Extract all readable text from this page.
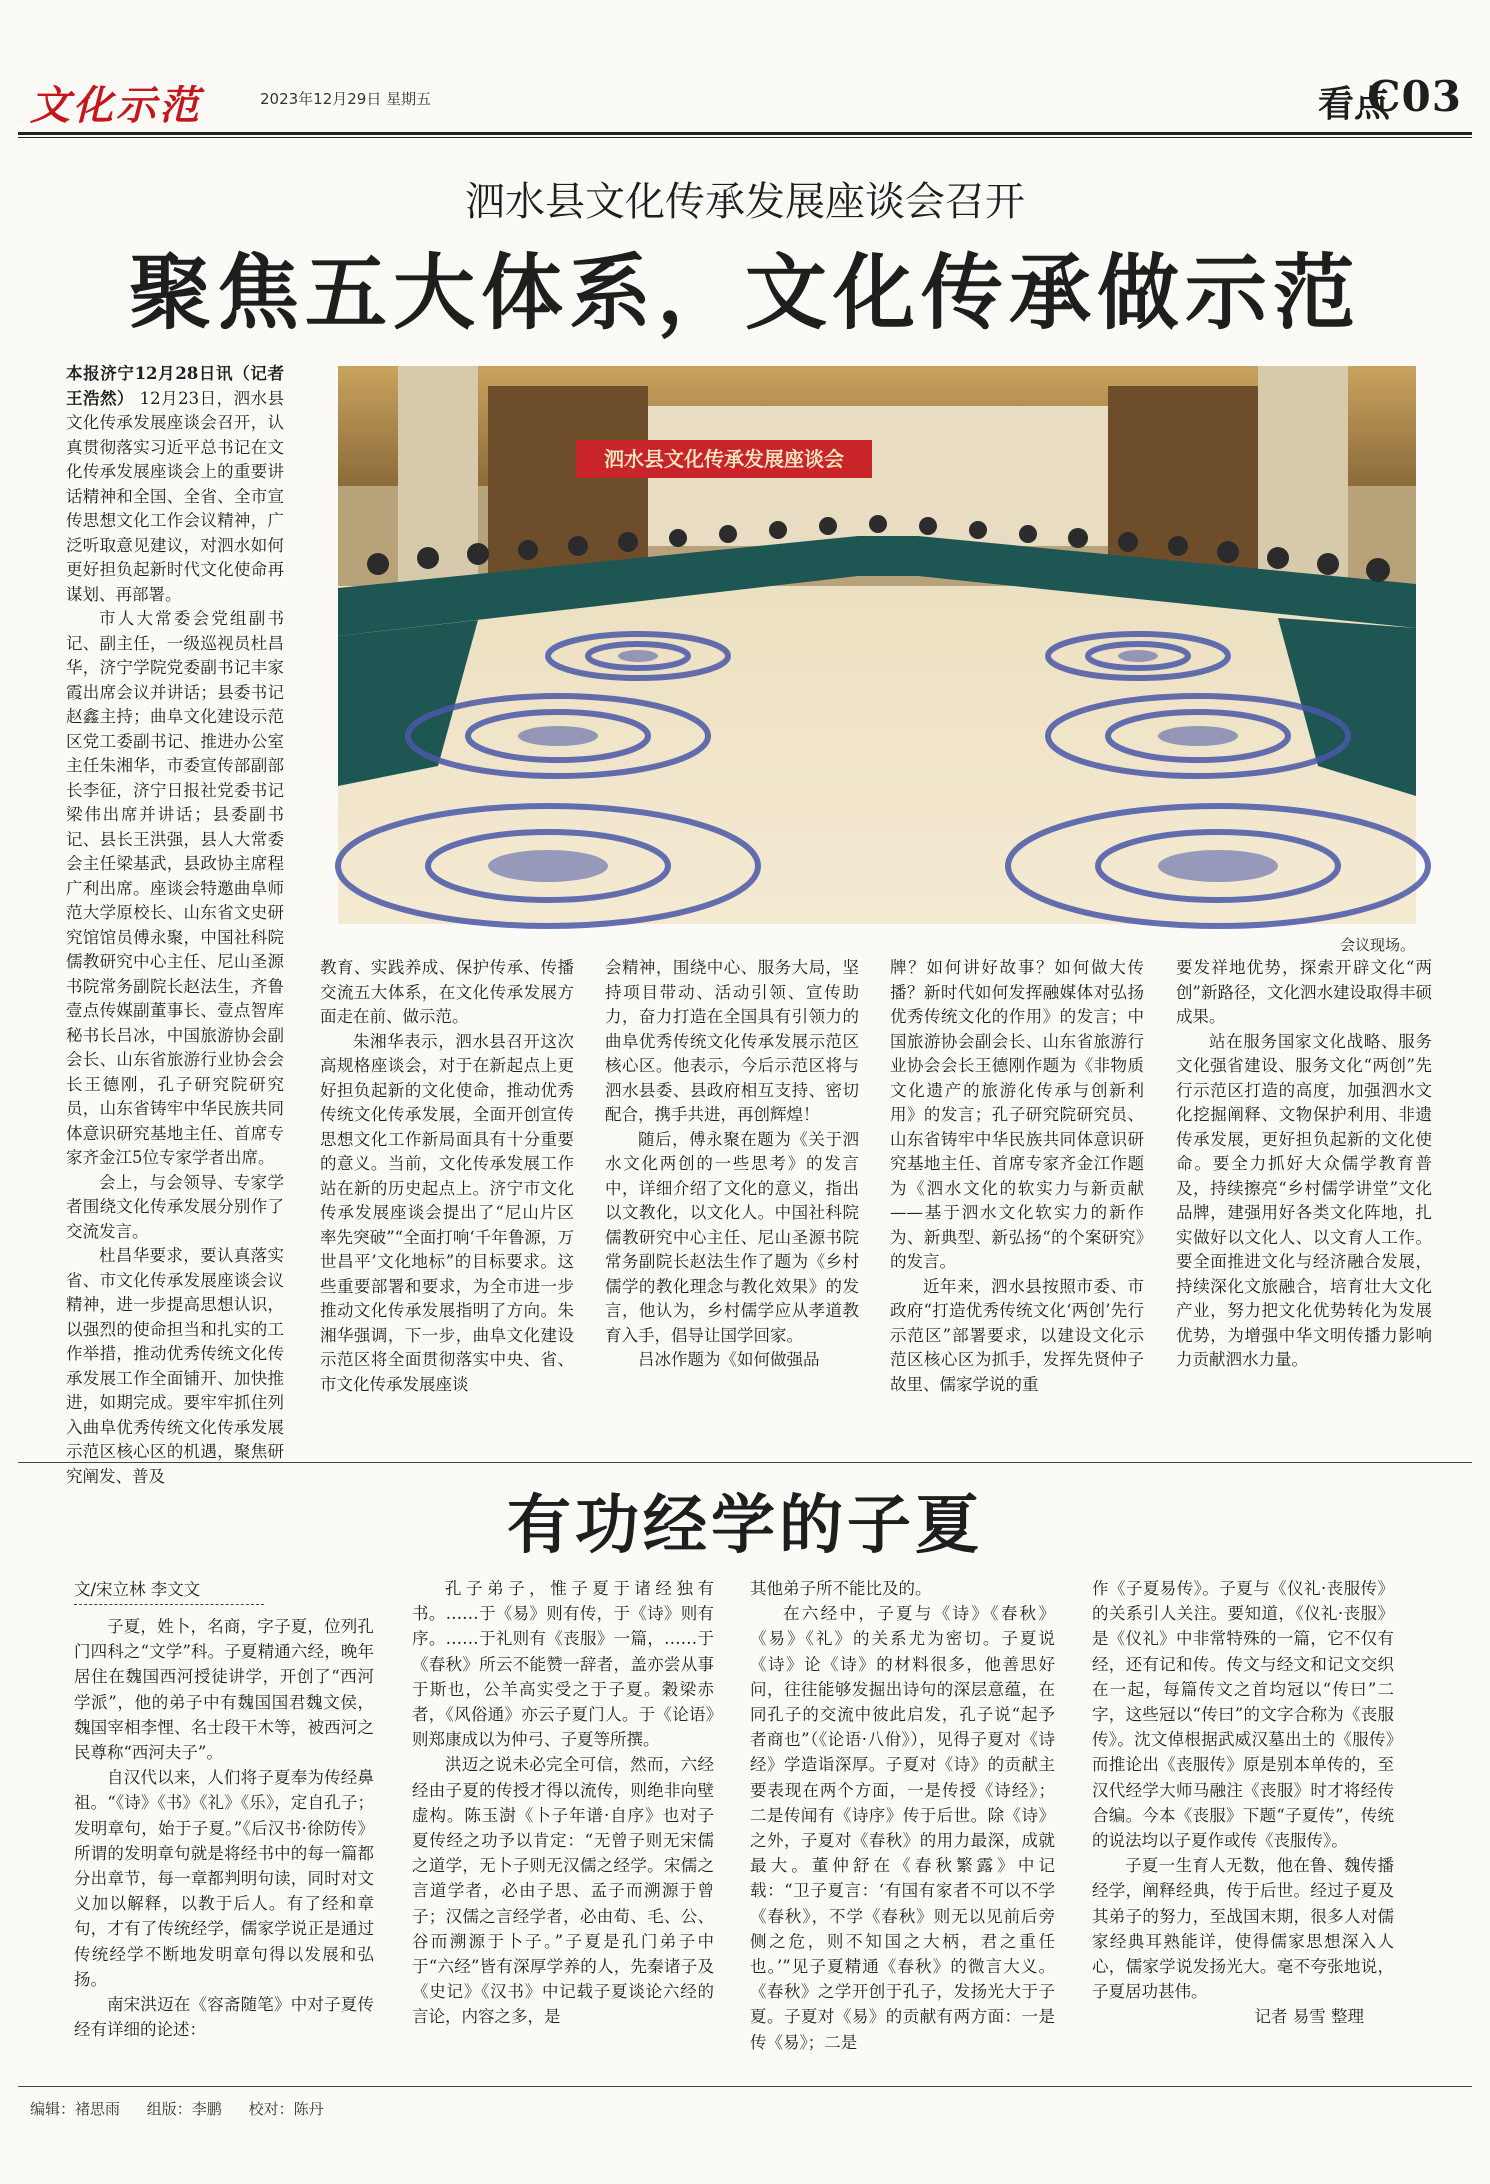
文化示范	2023年12月29日 星期五	看点
C03
泗水县文化传承发展座谈会召开
聚焦五大体系，文化传承做示范

本报济宁12月28日讯（记者 王浩然） 12月23日，泗水县文化传承发展座谈会召开，认真贯彻落实习近平总书记在文化传承发展座谈会上的重要讲话精神和全国、全省、全市宣传思想文化工作会议精神，广泛听取意见建议，对泗水如何更好担负起新时代文化使命再谋划、再部署。

市人大常委会党组副书记、副主任，一级巡视员杜昌华，济宁学院党委副书记丰家霞出席会议并讲话；县委书记赵鑫主持；曲阜文化建设示范区党工委副书记、推进办公室主任朱湘华，市委宣传部副部长李征，济宁日报社党委书记梁伟出席并讲话；县委副书记、县长王洪强，县人大常委会主任梁基武，县政协主席程广利出席。座谈会特邀曲阜师范大学原校长、山东省文史研究馆馆员傅永聚，中国社科院儒教研究中心主任、尼山圣源书院常务副院长赵法生，齐鲁壹点传媒副董事长、壹点智库秘书长吕冰，中国旅游协会副会长、山东省旅游行业协会会长王德刚，孔子研究院研究员，山东省铸牢中华民族共同体意识研究基地主任、首席专家齐金江5位专家学者出席。

会上，与会领导、专家学者围绕文化传承发展分别作了交流发言。

杜昌华要求，要认真落实省、市文化传承发展座谈会议精神，进一步提高思想认识，以强烈的使命担当和扎实的工作举措，推动优秀传统文化传承发展工作全面铺开、加快推进，如期完成。要牢牢抓住列入曲阜优秀传统文化传承发展示范区核心区的机遇，聚焦研究阐发、普及

泗水县文化传承发展座谈会
会议现场。

教育、实践养成、保护传承、传播交流五大体系，在文化传承发展方面走在前、做示范。

朱湘华表示，泗水县召开这次高规格座谈会，对于在新起点上更好担负起新的文化使命，推动优秀传统文化传承发展，全面开创宣传思想文化工作新局面具有十分重要的意义。当前，文化传承发展工作站在新的历史起点上。济宁市文化传承发展座谈会提出了“尼山片区率先突破”“全面打响‘千年鲁源，万世昌平’文化地标”的目标要求。这些重要部署和要求，为全市进一步推动文化传承发展指明了方向。朱湘华强调，下一步，曲阜文化建设示范区将全面贯彻落实中央、省、市文化传承发展座谈

会精神，围绕中心、服务大局，坚持项目带动、活动引领、宣传助力，奋力打造在全国具有引领力的曲阜优秀传统文化传承发展示范区核心区。他表示，今后示范区将与泗水县委、县政府相互支持、密切配合，携手共进，再创辉煌！

随后，傅永聚在题为《关于泗水文化两创的一些思考》的发言中，详细介绍了文化的意义，指出以文教化，以文化人。中国社科院儒教研究中心主任、尼山圣源书院常务副院长赵法生作了题为《乡村儒学的教化理念与教化效果》的发言，他认为，乡村儒学应从孝道教育入手，倡导让国学回家。

吕冰作题为《如何做强品

牌？如何讲好故事？如何做大传播？新时代如何发挥融媒体对弘扬优秀传统文化的作用》的发言；中国旅游协会副会长、山东省旅游行业协会会长王德刚作题为《非物质文化遗产的旅游化传承与创新利用》的发言；孔子研究院研究员、山东省铸牢中华民族共同体意识研究基地主任、首席专家齐金江作题为《泗水文化的软实力与新贡献——基于泗水文化软实力的新作为、新典型、新弘扬“的个案研究》的发言。

近年来，泗水县按照市委、市政府“打造优秀传统文化‘两创’先行示范区”部署要求，以建设文化示范区核心区为抓手，发挥先贤仲子故里、儒家学说的重

要发祥地优势，探索开辟文化“两创”新路径，文化泗水建设取得丰硕成果。

站在服务国家文化战略、服务文化强省建设、服务文化“两创”先行示范区打造的高度，加强泗水文化挖掘阐释、文物保护利用、非遗传承发展，更好担负起新的文化使命。要全力抓好大众儒学教育普及，持续擦亮“乡村儒学讲堂”文化品牌，建强用好各类文化阵地，扎实做好以文化人、以文育人工作。要全面推进文化与经济融合发展，持续深化文旅融合，培育壮大文化产业，努力把文化优势转化为发展优势，为增强中华文明传播力影响力贡献泗水力量。

有功经学的子夏
文/宋立林 李文文

子夏，姓卜，名商，字子夏，位列孔门四科之“文学”科。子夏精通六经，晚年居住在魏国西河授徒讲学，开创了“西河学派”，他的弟子中有魏国国君魏文侯，魏国宰相李悝、名士段干木等，被西河之民尊称“西河夫子”。

自汉代以来，人们将子夏奉为传经鼻祖。“《诗》《书》《礼》《乐》，定自孔子；发明章句，始于子夏。”《后汉书·徐防传》所谓的发明章句就是将经书中的每一篇都分出章节，每一章都判明句读，同时对文义加以解释，以教于后人。有了经和章句，才有了传统经学，儒家学说正是通过传统经学不断地发明章句得以发展和弘扬。

南宋洪迈在《容斋随笔》中对子夏传经有详细的论述：

孔子弟子，惟子夏于诸经独有书。……于《易》则有传，于《诗》则有序。……于礼则有《丧服》一篇，……于《春秋》所云不能赞一辞者，盖亦尝从事于斯也，公羊高实受之于子夏。穀梁赤者，《风俗通》亦云子夏门人。于《论语》则郑康成以为仲弓、子夏等所撰。

洪迈之说未必完全可信，然而，六经经由子夏的传授才得以流传，则绝非向壁虚构。陈玉澍《卜子年谱·自序》也对子夏传经之功予以肯定：“无曾子则无宋儒之道学，无卜子则无汉儒之经学。宋儒之言道学者，必由子思、孟子而溯源于曾子；汉儒之言经学者，必由荀、毛、公、谷而溯源于卜子。”子夏是孔门弟子中于“六经”皆有深厚学养的人，先秦诸子及《史记》《汉书》中记载子夏谈论六经的言论，内容之多，是

其他弟子所不能比及的。

在六经中，子夏与《诗》《春秋》《易》《礼》的关系尤为密切。子夏说《诗》论《诗》的材料很多，他善思好问，往往能够发掘出诗句的深层意蕴，在同孔子的交流中彼此启发，孔子说“起予者商也”（《论语·八佾》），见得子夏对《诗经》学造诣深厚。子夏对《诗》的贡献主要表现在两个方面，一是传授《诗经》；二是传闻有《诗序》传于后世。除《诗》之外，子夏对《春秋》的用力最深，成就最大。董仲舒在《春秋繁露》中记载：“卫子夏言：‘有国有家者不可以不学《春秋》，不学《春秋》则无以见前后旁侧之危，则不知国之大柄，君之重任也。’”见子夏精通《春秋》的微言大义。《春秋》之学开创于孔子，发扬光大于子夏。子夏对《易》的贡献有两方面：一是传《易》；二是

作《子夏易传》。子夏与《仪礼·丧服传》的关系引人关注。要知道，《仪礼·丧服》是《仪礼》中非常特殊的一篇，它不仅有经，还有记和传。传文与经文和记文交织在一起，每篇传文之首均冠以“传曰”二字，这些冠以“传曰”的文字合称为《丧服传》。沈文倬根据武威汉墓出土的《服传》而推论出《丧服传》原是别本单传的，至汉代经学大师马融注《丧服》时才将经传合编。今本《丧服》下题“子夏传”，传统的说法均以子夏作或传《丧服传》。

子夏一生育人无数，他在鲁、魏传播经学，阐释经典，传于后世。经过子夏及其弟子的努力，至战国末期，很多人对儒家经典耳熟能详，使得儒家思想深入人心，儒家学说发扬光大。毫不夸张地说，子夏居功甚伟。

记者 易雪 整理

编辑：褚思雨 组版：李鹏 校对：陈丹
